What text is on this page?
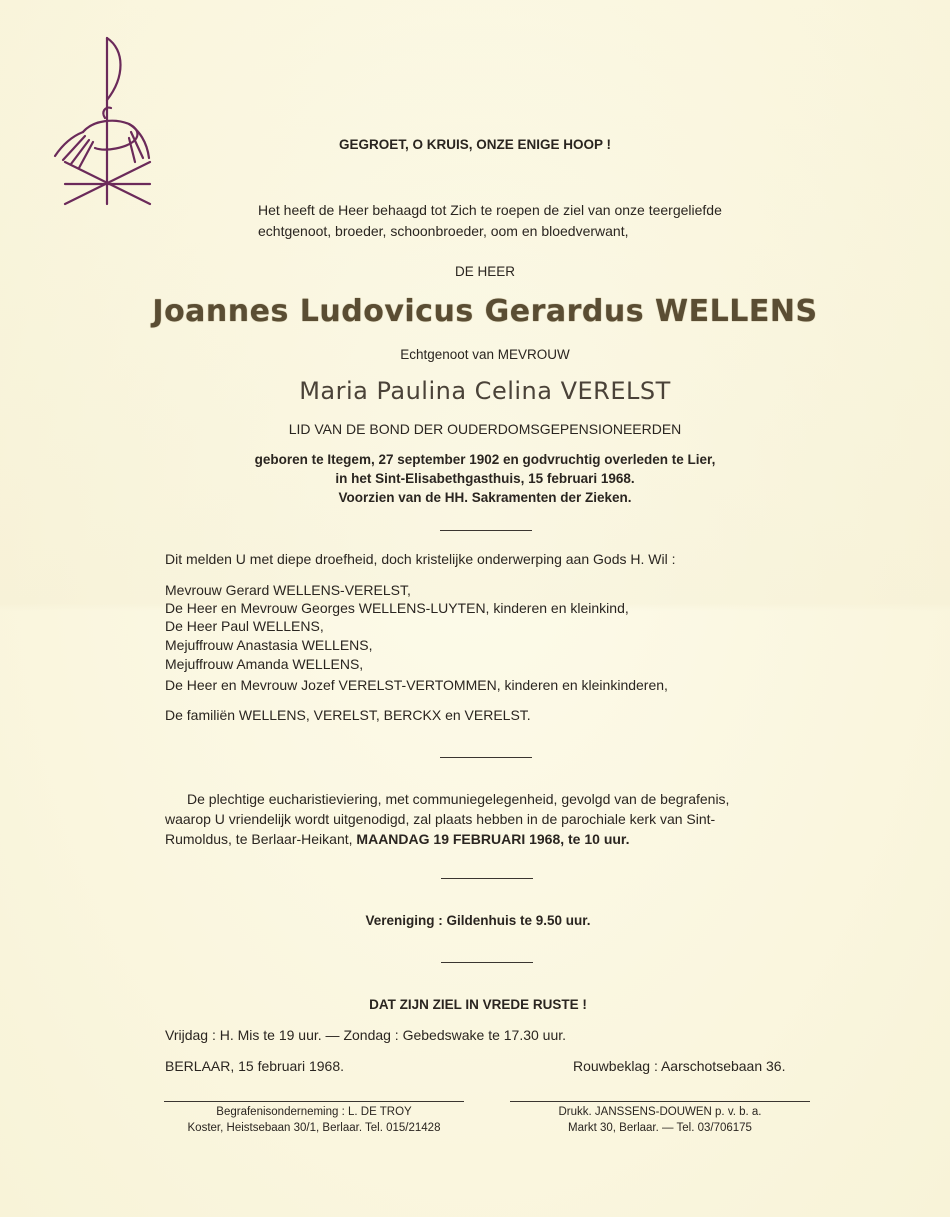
GEGROET, O KRUIS, ONZE ENIGE HOOP !
Het heeft de Heer behaagd tot Zich te roepen de ziel van onze teergeliefde
echtgenoot, broeder, schoonbroeder, oom en bloedverwant,
DE HEER
Joannes Ludovicus Gerardus WELLENS
Echtgenoot van MEVROUW
Maria Paulina Celina VERELST
LID VAN DE BOND DER OUDERDOMSGEPENSIONEERDEN
geboren te Itegem, 27 september 1902 en godvruchtig overleden te Lier,
in het Sint-Elisabethgasthuis, 15 februari 1968.
Voorzien van de HH. Sakramenten der Zieken.
Dit melden U met diepe droefheid, doch kristelijke onderwerping aan Gods H. Wil :
Mevrouw Gerard WELLENS-VERELST,
De Heer en Mevrouw Georges WELLENS-LUYTEN, kinderen en kleinkind,
De Heer Paul WELLENS,
Mejuffrouw Anastasia WELLENS,
Mejuffrouw Amanda WELLENS,
De Heer en Mevrouw Jozef VERELST-VERTOMMEN, kinderen en kleinkinderen,
De familiën WELLENS, VERELST, BERCKX en VERELST.
De plechtige eucharistieviering, met communiegelegenheid, gevolgd van de begrafenis,
waarop U vriendelijk wordt uitgenodigd, zal plaats hebben in de parochiale kerk van Sint-
Rumoldus, te Berlaar-Heikant, MAANDAG 19 FEBRUARI 1968, te 10 uur.
Vereniging : Gildenhuis te 9.50 uur.
DAT ZIJN ZIEL IN VREDE RUSTE !
Vrijdag : H. Mis te 19 uur. — Zondag : Gebedswake te 17.30 uur.
BERLAAR, 15 februari 1968.	Rouwbeklag : Aarschotsebaan 36.
Begrafenisonderneming : L. DE TROY
Koster, Heistsebaan 30/1, Berlaar. Tel. 015/21428
Drukk. JANSSENS-DOUWEN p. v. b. a.
Markt 30, Berlaar. — Tel. 03/706175
